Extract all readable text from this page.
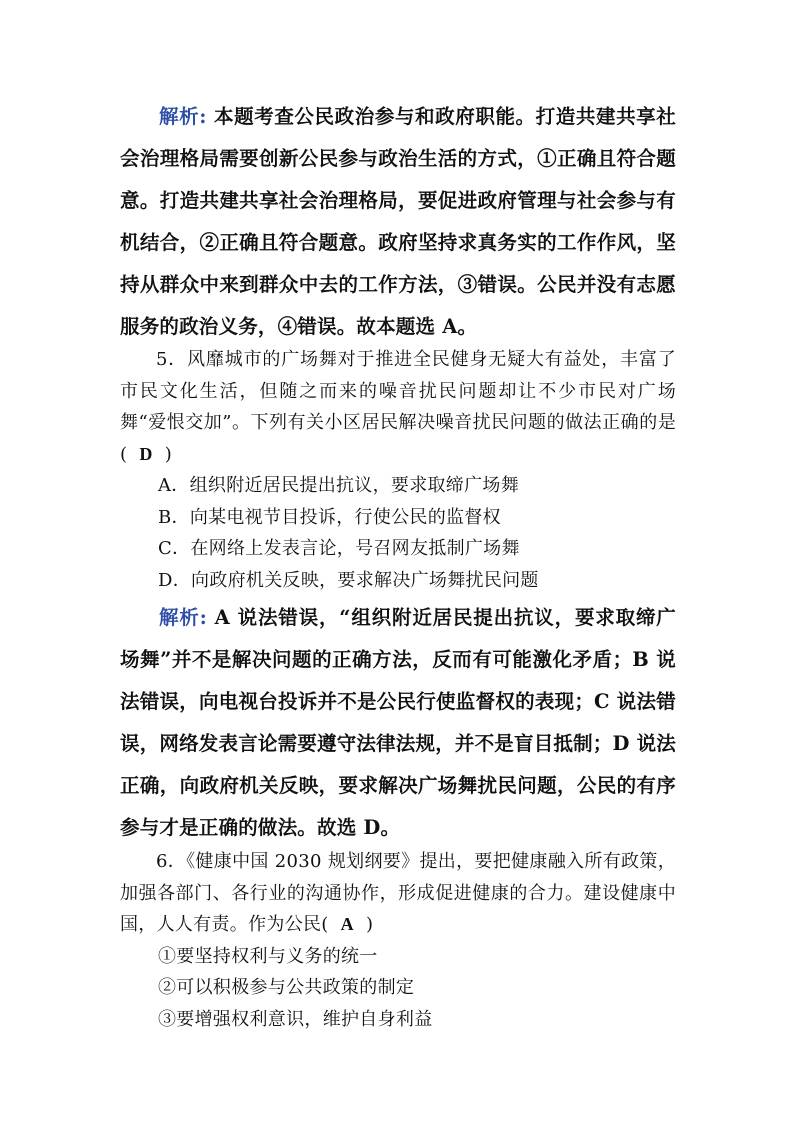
解析: 本题考查公民政治参与和政府职能。打造共建共享社会治理格局需要创新公民参与政治生活的方式，①正确且符合题意。打造共建共享社会治理格局，要促进政府管理与社会参与有机结合，②正确且符合题意。政府坚持求真务实的工作作风，坚持从群众中来到群众中去的工作方法，③错误。公民并没有志愿服务的政治义务，④错误。故本题选 A。

5．风靡城市的广场舞对于推进全民健身无疑大有益处，丰富了市民文化生活，但随之而来的噪音扰民问题却让不少市民对广场舞“爱恨交加”。下列有关小区居民解决噪音扰民问题的做法正确的是( D )

A．组织附近居民提出抗议，要求取缔广场舞

B．向某电视节目投诉，行使公民的监督权

C．在网络上发表言论，号召网友抵制广场舞

D．向政府机关反映，要求解决广场舞扰民问题

解析: A 说法错误，“组织附近居民提出抗议，要求取缔广场舞”并不是解决问题的正确方法，反而有可能激化矛盾；B 说法错误，向电视台投诉并不是公民行使监督权的表现；C 说法错误，网络发表言论需要遵守法律法规，并不是盲目抵制；D 说法正确，向政府机关反映，要求解决广场舞扰民问题，公民的有序参与才是正确的做法。故选 D。

6．《健康中国 2030 规划纲要》提出，要把健康融入所有政策，加强各部门、各行业的沟通协作，形成促进健康的合力。建设健康中国，人人有责。作为公民( A )

①要坚持权利与义务的统一

②可以积极参与公共政策的制定

③要增强权利意识，维护自身利益
